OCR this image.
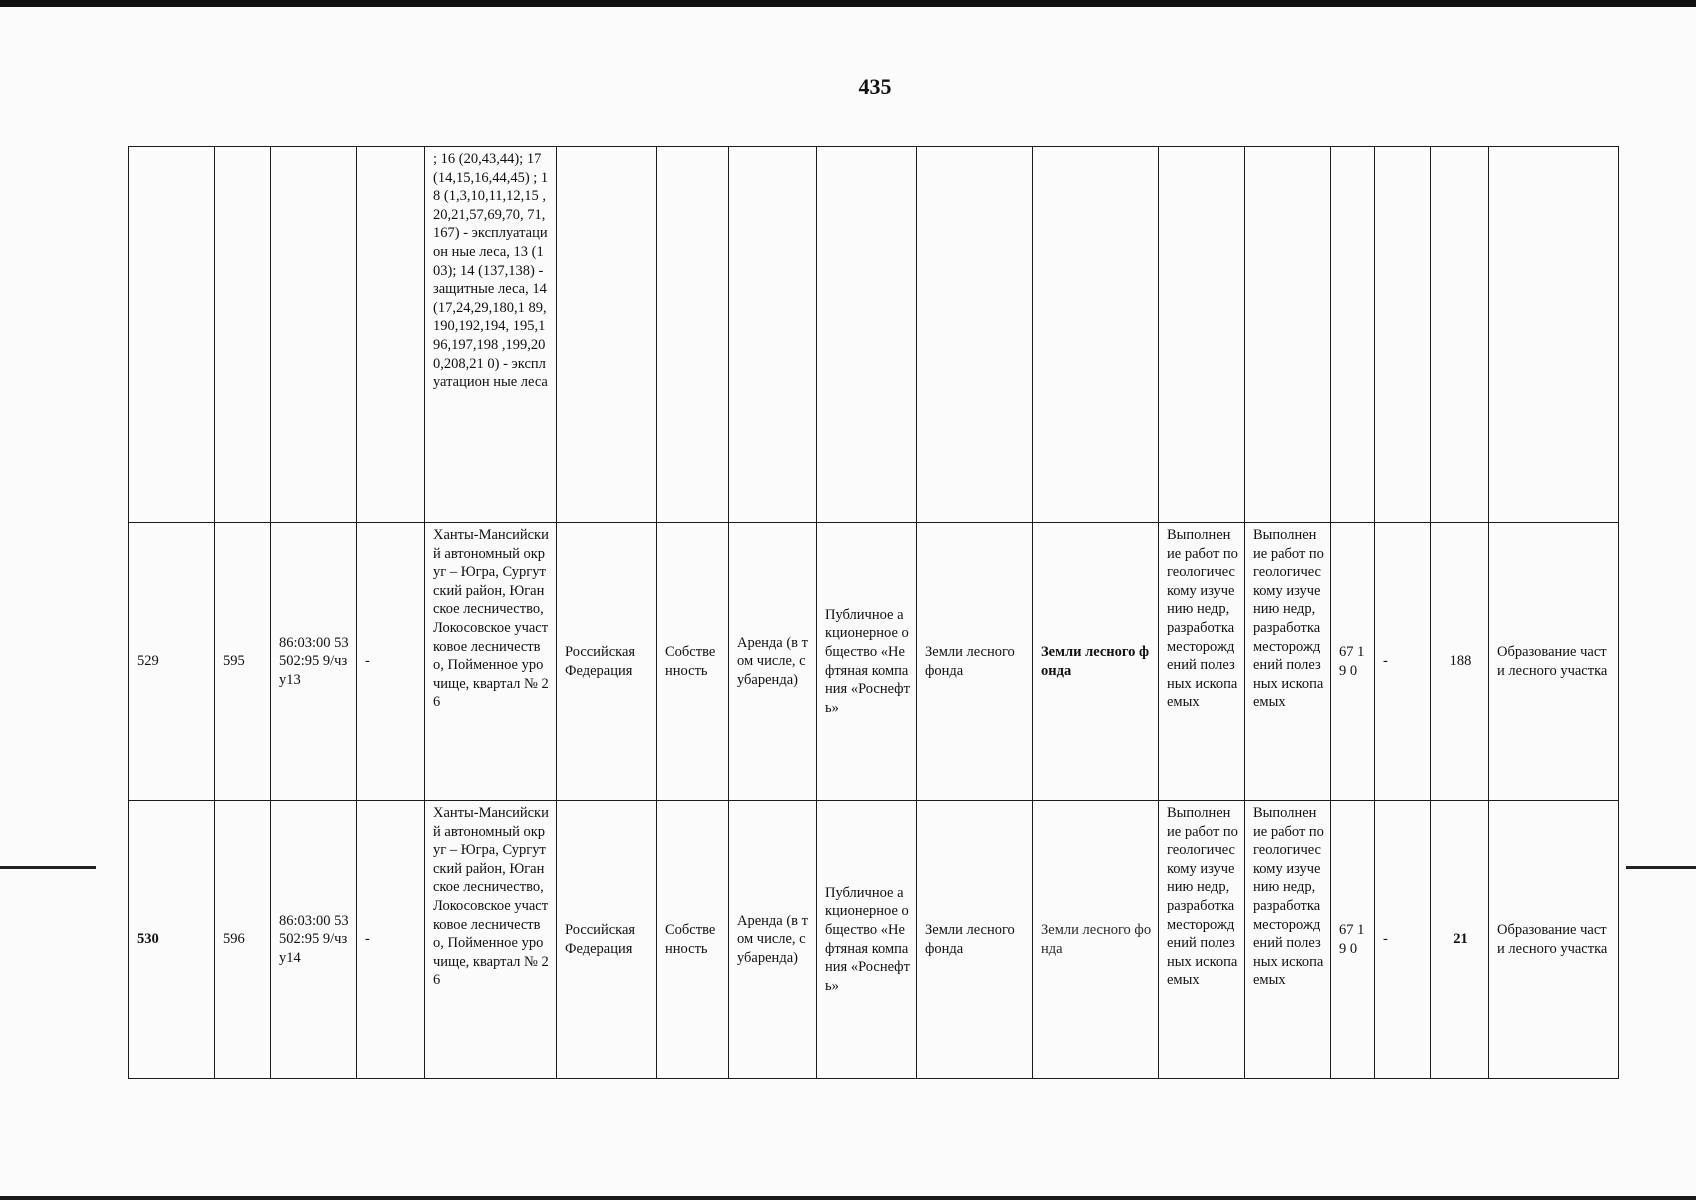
435
				; 16 (20,43,44); 17 (14,15,16,44,45) ; 18 (1,3,10,11,12,15 ,20,21,57,69,70, 71,167) - эксплуатацион ные леса, 13 (103); 14 (137,138) - защитные леса, 14 (17,24,29,180,1 89,190,192,194, 195,196,197,198 ,199,200,208,21 0) - эксплуатацион ные леса												
529	595	86:03:00 53502:95 9/чзу13	-	Ханты-Мансийский автономный округ – Югра, Сургутский район, Юганское лесничество, Локосовское участковое лесничество, Пойменное урочище, квартал № 26	Российская Федерация	Собственность	Аренда (в том числе, субаренда)	Публичное акционерное общество «Нефтяная компания «Роснефть»	Земли лесного фонда	Земли лесного фонда	Выполнение работ по геологическому изучению недр, разработка месторождений полезных ископаемых	Выполнение работ по геологическому изучению недр, разработка месторождений полезных ископаемых	67 19 0	-	188	Образование части лесного участка
530	596	86:03:00 53502:95 9/чзу14	-	Ханты-Мансийский автономный округ – Югра, Сургутский район, Юганское лесничество, Локосовское участковое лесничество, Пойменное урочище, квартал № 26	Российская Федерация	Собственность	Аренда (в том числе, субаренда)	Публичное акционерное общество «Нефтяная компания «Роснефть»	Земли лесного фонда	Земли лесного фонда	Выполнение работ по геологическому изучению недр, разработка месторождений полезных ископаемых	Выполнение работ по геологическому изучению недр, разработка месторождений полезных ископаемых	67 19 0	-	21	Образование части лесного участка
